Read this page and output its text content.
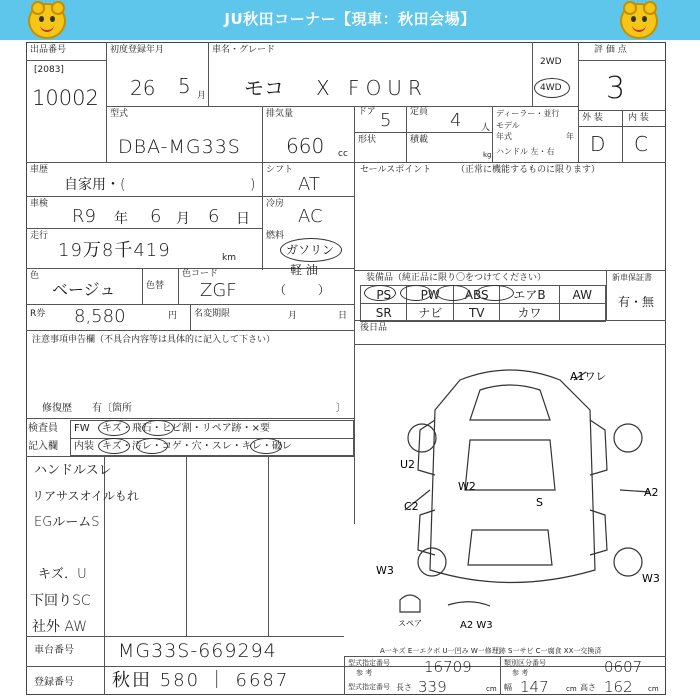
JU秋田コーナー【現車：秋田会場】
出品番号
[2083]
10002
初度登録年月
26 5 月
車名・グレード
モコ X FOUR
2WD
4WD
評 価 点
3
外 装	内 装
D C
型式
DBA-MG33S
排気量
660 cc
ドア 5
形状
定員 4 人
積載
kg
ディーラー・並行
モデル
年式	年
ハンドル 左・右
車歴
自家用・(	)
シフト
AT
車検
R9 年 6 月 6 日
冷房
AC
走行
19万8千419	km
燃料
ガソリン
軽 油
（ ）
色
ベージュ	色替
色コード
ZGF
R券 8,580	円 名変期限	月	日
セールスポイント	（正常に機能するものに限ります）
装備品（純正品に限り〇をつけてください）
PS	PW	ABS	エアB	AW
SR	ナビ	TV	カワ	
新車保証書
有・無
後日品
注意事項申告欄（不具合内容等は具体的に記入して下さい）
修復歴　　有〔箇所	〕
検査員
記入欄
FW キズ・飛石・ヒビ割・リペア跡・×要
内装 キズ・汚レ・コゲ・穴・スレ・キレ・破レ
ハンドルスレ
リアサスオイルもれ
EGルームS
キズ．U
下回りSC
社外 AW
A1ワレ
U2
W2
S
A2
C2
W3
W3
A2 W3
スペア
A一キズ E一エクボ U一凹み W一修理跡 S一サビ C一腐食 XX一交換済
車台番号 MG33S-669294
登録番号 秋田 580 ｜ 6687
型式指定番号
参 考	16709	類別区分番号
参 考	0607
型式指定番号 長さ 339	cm 幅 147 cm 高さ 162 cm
